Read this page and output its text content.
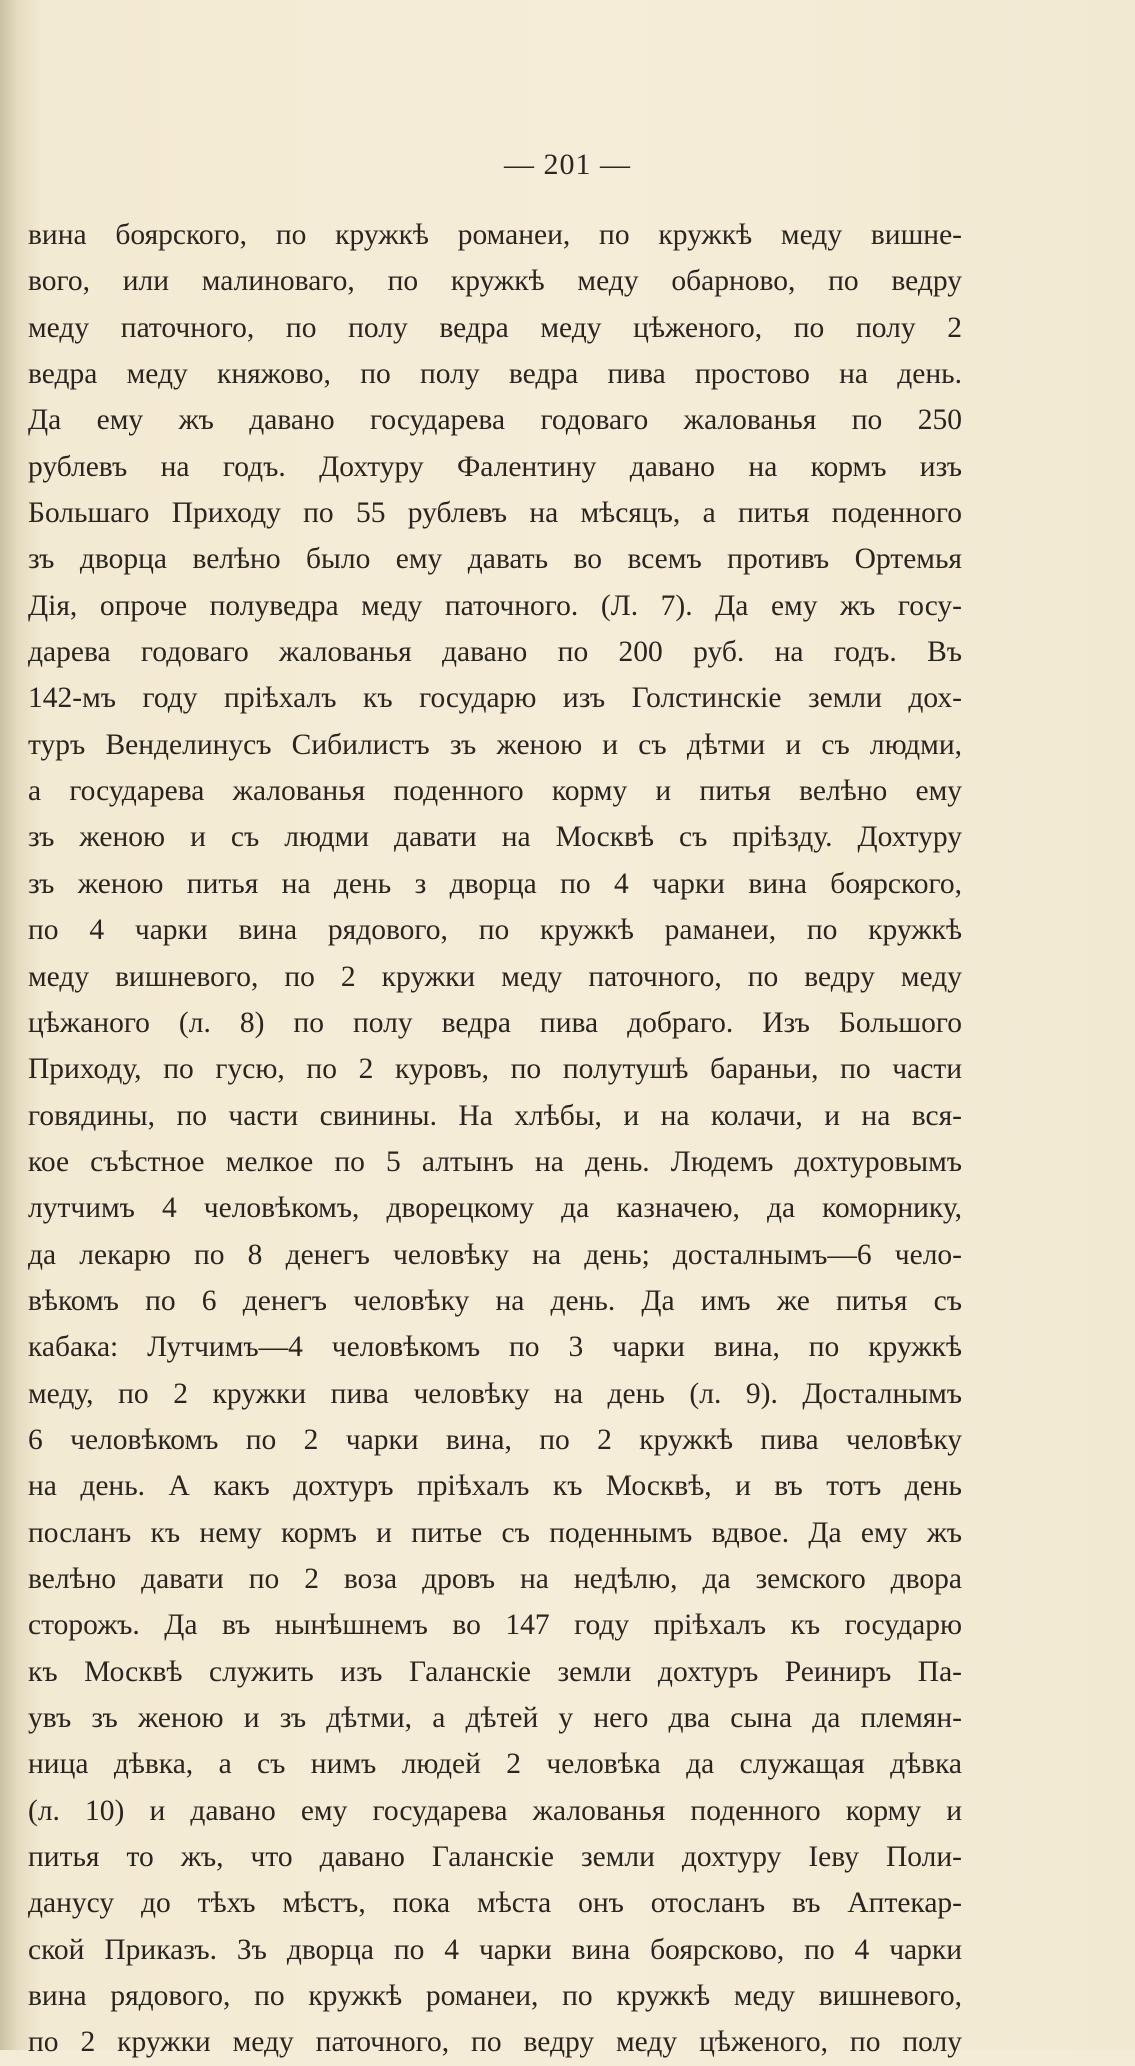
— 201 —
вина боярского, по кружкѣ романеи, по кружкѣ меду вишне-
вого, или малиноваго, по кружкѣ меду обарново, по ведру
меду паточного, по полу ведра меду цѣженого, по полу 2
ведра меду княжово, по полу ведра пива простово на день.
Да ему жъ давано государева годоваго жалованья по 250
рублевъ на годъ. Дохтуру Фалентину давано на кормъ изъ
Большаго Приходу по 55 рублевъ на мѣсяцъ, а питья поденного
зъ дворца велѣно было ему давать во всемъ противъ Ортемья
Дія, опроче полуведра меду паточного. (Л. 7). Да ему жъ госу-
дарева годоваго жалованья давано по 200 руб. на годъ. Въ
142-мъ году пріѣхалъ къ государю изъ Голстинскіе земли дох-
туръ Венделинусъ Сибилистъ зъ женою и съ дѣтми и съ людми,
а государева жалованья поденного корму и питья велѣно ему
зъ женою и съ людми давати на Москвѣ съ пріѣзду. Дохтуру
зъ женою питья на день з дворца по 4 чарки вина боярского,
по 4 чарки вина рядового, по кружкѣ раманеи, по кружкѣ
меду вишневого, по 2 кружки меду паточного, по ведру меду
цѣжаного (л. 8) по полу ведра пива добраго. Изъ Большого
Приходу, по гусю, по 2 куровъ, по полутушѣ бараньи, по части
говядины, по части свинины. На хлѣбы, и на колачи, и на вся-
кое съѣстное мелкое по 5 алтынъ на день. Людемъ дохтуровымъ
лутчимъ 4 человѣкомъ, дворецкому да казначею, да коморнику,
да лекарю по 8 денегъ человѣку на день; досталнымъ—6 чело-
вѣкомъ по 6 денегъ человѣку на день. Да имъ же питья съ
кабака: Лутчимъ—4 человѣкомъ по 3 чарки вина, по кружкѣ
меду, по 2 кружки пива человѣку на день (л. 9). Досталнымъ
6 человѣкомъ по 2 чарки вина, по 2 кружкѣ пива человѣку
на день. А какъ дохтуръ пріѣхалъ къ Москвѣ, и въ тотъ день
посланъ къ нему кормъ и питье съ поденнымъ вдвое. Да ему жъ
велѣно давати по 2 воза дровъ на недѣлю, да земского двора
сторожъ. Да въ нынѣшнемъ во 147 году пріѣхалъ къ государю
къ Москвѣ служить изъ Галанскіе земли дохтуръ Реиниръ Па-
увъ зъ женою и зъ дѣтми, а дѣтей у него два сына да племян-
ница дѣвка, а съ нимъ людей 2 человѣка да служащая дѣвка
(л. 10) и давано ему государева жалованья поденного корму и
питья то жъ, что давано Галанскіе земли дохтуру Іеву Поли-
данусу до тѣхъ мѣстъ, пока мѣста онъ отосланъ въ Аптекар-
ской Приказъ. Зъ дворца по 4 чарки вина боярсково, по 4 чарки
вина рядового, по кружкѣ романеи, по кружкѣ меду вишневого,
по 2 кружки меду паточного, по ведру меду цѣженого, по полу
